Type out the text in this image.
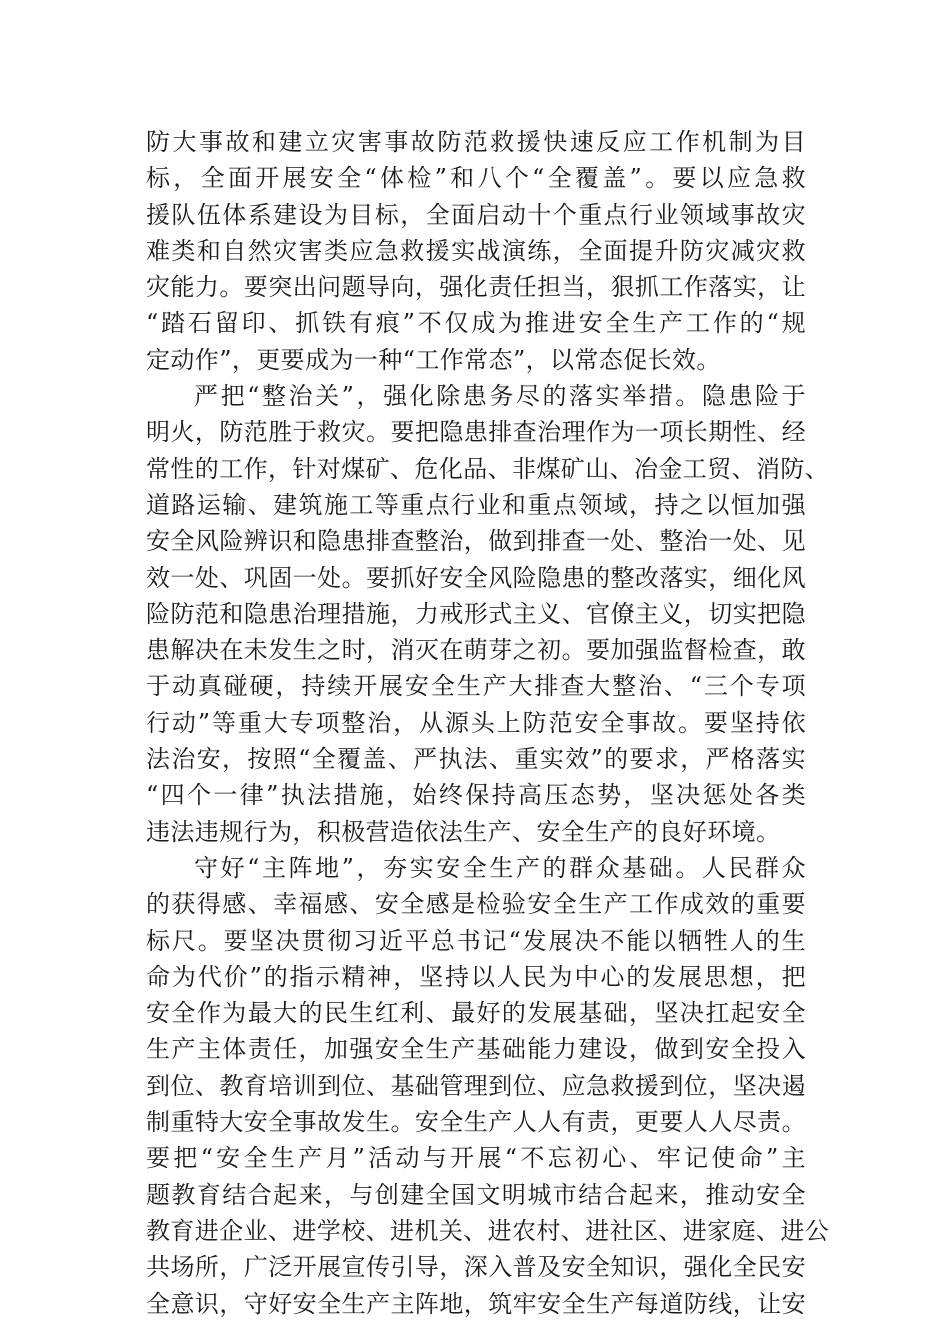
防大事故和建立灾害事故防范救援快速反应工作机制为目
标，全面开展安全“体检”和八个“全覆盖”。要以应急救
援队伍体系建设为目标，全面启动十个重点行业领域事故灾
难类和自然灾害类应急救援实战演练，全面提升防灾减灾救
灾能力。要突出问题导向，强化责任担当，狠抓工作落实，让
“踏石留印、抓铁有痕”不仅成为推进安全生产工作的“规
定动作”，更要成为一种“工作常态”，以常态促长效。
严把“整治关”，强化除患务尽的落实举措。隐患险于
明火，防范胜于救灾。要把隐患排查治理作为一项长期性、经
常性的工作，针对煤矿、危化品、非煤矿山、冶金工贸、消防、
道路运输、建筑施工等重点行业和重点领域，持之以恒加强
安全风险辨识和隐患排查整治，做到排查一处、整治一处、见
效一处、巩固一处。要抓好安全风险隐患的整改落实，细化风
险防范和隐患治理措施，力戒形式主义、官僚主义，切实把隐
患解决在未发生之时，消灭在萌芽之初。要加强监督检查，敢
于动真碰硬，持续开展安全生产大排查大整治、“三个专项
行动”等重大专项整治，从源头上防范安全事故。要坚持依
法治安，按照“全覆盖、严执法、重实效”的要求，严格落实
“四个一律”执法措施，始终保持高压态势，坚决惩处各类
违法违规行为，积极营造依法生产、安全生产的良好环境。
守好“主阵地”，夯实安全生产的群众基础。人民群众
的获得感、幸福感、安全感是检验安全生产工作成效的重要
标尺。要坚决贯彻习近平总书记“发展决不能以牺牲人的生
命为代价”的指示精神，坚持以人民为中心的发展思想，把
安全作为最大的民生红利、最好的发展基础，坚决扛起安全
生产主体责任，加强安全生产基础能力建设，做到安全投入
到位、教育培训到位、基础管理到位、应急救援到位，坚决遏
制重特大安全事故发生。安全生产人人有责，更要人人尽责。
要把“安全生产月”活动与开展“不忘初心、牢记使命”主
题教育结合起来，与创建全国文明城市结合起来，推动安全
教育进企业、进学校、进机关、进农村、进社区、进家庭、进公
共场所，广泛开展宣传引导，深入普及安全知识，强化全民安
全意识，守好安全生产主阵地，筑牢安全生产每道防线，让安
